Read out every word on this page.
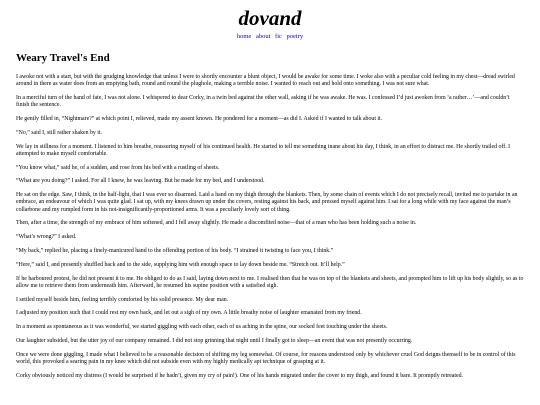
dovand
home about fic poetry
Weary Travel's End

I awoke not with a start, but with the grudging knowledge that unless I were to shortly encounter a blunt object, I would be awake for some time. I woke also with a peculiar cold feeling in my chest—dread swirled around in there as water does from an emptying bath, round and round the plughole, making a terrible noise. I wanted to reach out and hold onto something. I was not sure what.

In a merciful turn of the hand of fate, I was not alone. I whispered to dear Corky, in a twin bed against the other wall, asking if he was awake. He was. I confessed I’d just awoken from ‘a rather…’—and couldn’t finish the sentence.

He gently filled in, “Nightmare?” at which point I, relieved, made my assent known. He pondered for a moment—as did I. Asked if I wanted to talk about it.

“No,” said I, still rather shaken by it.

We lay in stillness for a moment. I listened to him breathe, reassuring myself of his continued health. He started to tell me something inane about his day, I think, in an effort to distract me. He shortly trailed off. I attempted to make myself comfortable.

“You know what,” said he, of a sudden, and rose from his bed with a rustling of sheets.

“What are you doing?” I asked. For all I knew, he was leaving. But he made for my bed, and I understood.

He sat on the edge. Saw, I think, in the half-light, that I was ever so disarmed. Laid a hand on my thigh through the blankets. Then, by some chain of events which I do not precisely recall, invited me to partake in an embrace, an endeavour of which I was quite glad. I sat up, with my knees drawn up under the covers, resting against his back, and pressed myself against him. I sat for a long while with my face against the man’s collarbone and my rumpled form in his not-insignificantly-proportioned arms. It was a peculiarly lovely sort of thing.

Then, after a time, the strength of my embrace of him softened, and I fell away slightly. He made a discomfited noise—that of a man who has been holding such a noise in.

“What’s wrong?” I asked.

“My back,” replied he, placing a finely-manicured hand to the offending portion of his body. “I strained it twisting to face you, I think.”

“Here,” said I, and presently shuffled back and to the side, supplying him with enough space to lay down beside me. “Stretch out. It’ll help.”

If he harboured protest, he did not present it to me. He obliged to do as I said, laying down next to me. I realised then that he was on top of the blankets and sheets, and prompted him to lift up his body slightly, so as to allow me to retrieve them from underneath him. Afterward, he resumed his supine position with a satisfied sigh.

I settled myself beside him, feeling terribly comforted by his solid presence. My dear man.

I adjusted my position such that I could rest my own back, and let out a sigh of my own. A little breathy noise of laughter emanated from my friend.

In a moment as spontaneous as it was wonderful, we started giggling with each other, each of us aching in the spine, our socked feet touching under the sheets.

Our laughter subsided, but the utter joy of our company remained. I did not stop grinning that night until I finally got to sleep—an event that was not presently occurring.

Once we were done giggling, I made what I believed to be a reasonable decision of shifting my leg somewhat. Of course, for reasons understood only by whichever cruel God deigns themself to be in control of this world, this provoked a searing pain in my knee which did not subside even with my highly medically apt technique of grasping at it.

Corky obviously noticed my distress (I would be surprised if he hadn’t, given my cry of pain!). One of his hands migrated under the cover to my thigh, and found it bare. It promptly retreated.
